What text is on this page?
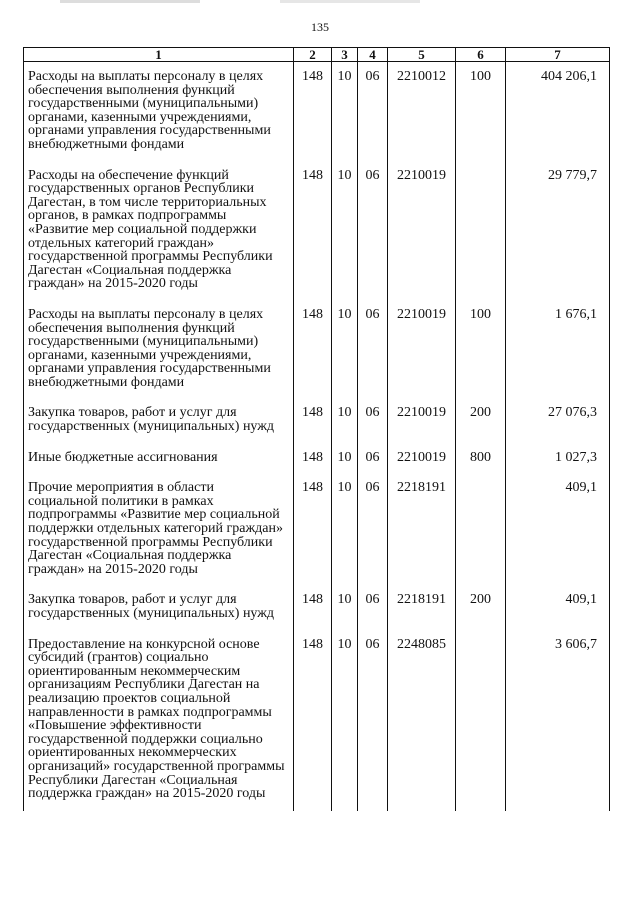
135
1	2	3	4	5	6	7
Расходы на выплаты персоналу в целях обеспечения выполнения функций государственными (муниципальными) органами, казенными учреждениями, органами управления государственными внебюджетными фондами	148	10	06	2210012	100	404 206,1
Расходы на обеспечение функций государственных органов Республики Дагестан, в том числе территориальных органов, в рамках подпрограммы «Развитие мер социальной поддержки отдельных категорий граждан» государственной программы Республики Дагестан «Социальная поддержка граждан» на 2015-2020 годы	148	10	06	2210019		29 779,7
Расходы на выплаты персоналу в целях обеспечения выполнения функций государственными (муниципальными) органами, казенными учреждениями, органами управления государственными внебюджетными фондами	148	10	06	2210019	100	1 676,1
Закупка товаров, работ и услуг для государственных (муниципальных) нужд	148	10	06	2210019	200	27 076,3
Иные бюджетные ассигнования	148	10	06	2210019	800	1 027,3
Прочие мероприятия в области социальной политики в рамках подпрограммы «Развитие мер социальной поддержки отдельных категорий граждан» государственной программы Республики Дагестан «Социальная поддержка граждан» на 2015-2020 годы	148	10	06	2218191		409,1
Закупка товаров, работ и услуг для государственных (муниципальных) нужд	148	10	06	2218191	200	409,1
Предоставление на конкурсной основе субсидий (грантов) социально ориентированным некоммерческим организациям Республики Дагестан на реализацию проектов социальной направленности в рамках подпрограммы «Повышение эффективности государственной поддержки социально ориентированных некоммерческих организаций» государственной программы Республики Дагестан «Социальная поддержка граждан» на 2015-2020 годы	148	10	06	2248085		3 606,7
